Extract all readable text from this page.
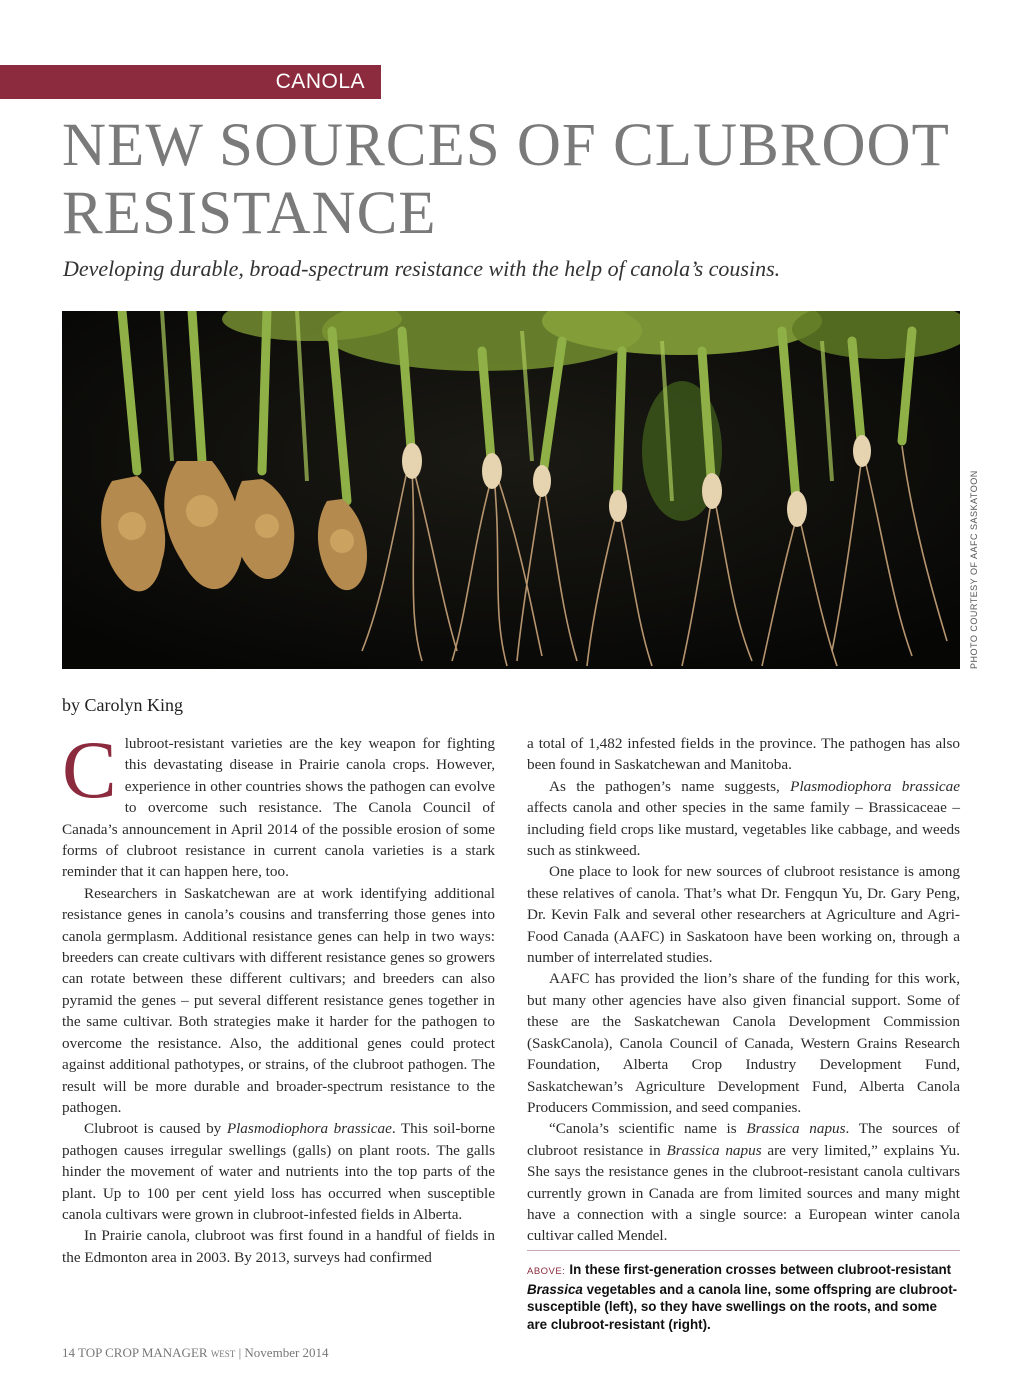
CANOLA
NEW SOURCES OF CLUBROOT RESISTANCE

Developing durable, broad-spectrum resistance with the help of canola’s cousins.

PHOTO COURTESY OF AAFC SASKATOON

by Carolyn King

Clubroot-resistant varieties are the key weapon for fighting this devastating disease in Prairie canola crops. However, experience in other countries shows the pathogen can evolve to overcome such resistance. The Canola Council of Canada’s announcement in April 2014 of the possible erosion of some forms of clubroot resistance in current canola varieties is a stark reminder that it can happen here, too.

Researchers in Saskatchewan are at work identifying additional resistance genes in canola’s cousins and transferring those genes into canola germplasm. Additional resistance genes can help in two ways: breeders can create cultivars with different resistance genes so growers can rotate between these different cultivars; and breeders can also pyramid the genes – put several different resistance genes together in the same cultivar. Both strategies make it harder for the pathogen to overcome the resistance. Also, the additional genes could protect against additional pathotypes, or strains, of the clubroot pathogen. The result will be more durable and broader-spectrum resistance to the pathogen.

Clubroot is caused by Plasmodiophora brassicae. This soil-borne pathogen causes irregular swellings (galls) on plant roots. The galls hinder the movement of water and nutrients into the top parts of the plant. Up to 100 per cent yield loss has occurred when susceptible canola cultivars were grown in clubroot-infested fields in Alberta.

In Prairie canola, clubroot was first found in a handful of fields in the Edmonton area in 2003. By 2013, surveys had confirmed

a total of 1,482 infested fields in the province. The pathogen has also been found in Saskatchewan and Manitoba.

As the pathogen’s name suggests, Plasmodiophora brassicae affects canola and other species in the same family – Brassicaceae – including field crops like mustard, vegetables like cabbage, and weeds such as stinkweed.

One place to look for new sources of clubroot resistance is among these relatives of canola. That’s what Dr. Fengqun Yu, Dr. Gary Peng, Dr. Kevin Falk and several other researchers at Agriculture and Agri-Food Canada (AAFC) in Saskatoon have been working on, through a number of interrelated studies.

AAFC has provided the lion’s share of the funding for this work, but many other agencies have also given financial support. Some of these are the Saskatchewan Canola Development Commission (SaskCanola), Canola Council of Canada, Western Grains Research Foundation, Alberta Crop Industry Development Fund, Saskatchewan’s Agriculture Development Fund, Alberta Canola Producers Commission, and seed companies.

“Canola’s scientific name is Brassica napus. The sources of clubroot resistance in Brassica napus are very limited,” explains Yu. She says the resistance genes in the clubroot-resistant canola cultivars currently grown in Canada are from limited sources and many might have a connection with a single source: a European winter canola cultivar called Mendel.

ABOVE: In these first-generation crosses between clubroot-resistant Brassica vegetables and a canola line, some offspring are clubroot-susceptible (left), so they have swellings on the roots, and some are clubroot-resistant (right).

14 TOP CROP MANAGER WEST | November 2014
